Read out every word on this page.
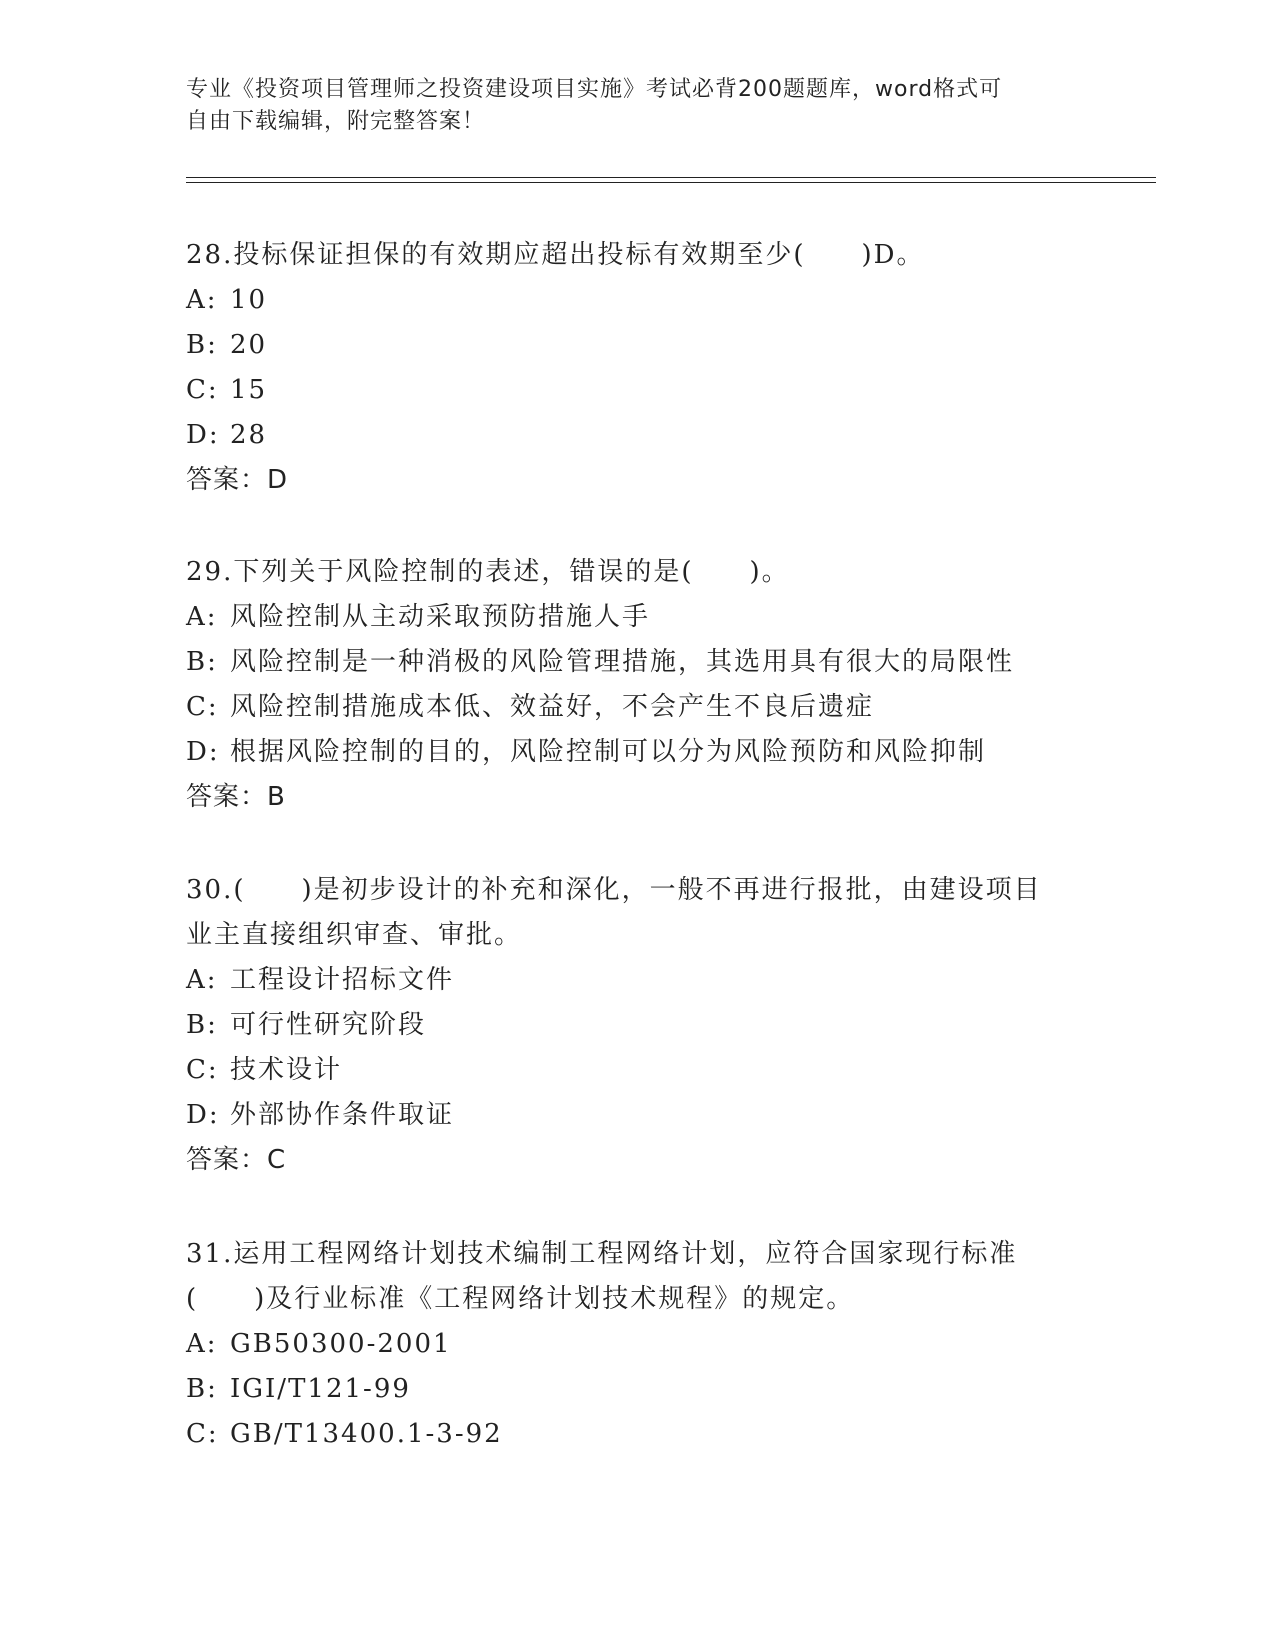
专业《投资项目管理师之投资建设项目实施》考试必背200题题库，word格式可

自由下载编辑，附完整答案！

28.投标保证担保的有效期应超出投标有效期至少(　　)D。

A: 10

B: 20

C: 15

D: 28

答案：D

29.下列关于风险控制的表述，错误的是(　　)。

A: 风险控制从主动采取预防措施人手

B: 风险控制是一种消极的风险管理措施，其选用具有很大的局限性

C: 风险控制措施成本低、效益好，不会产生不良后遗症

D: 根据风险控制的目的，风险控制可以分为风险预防和风险抑制

答案：B

30.(　　)是初步设计的补充和深化，一般不再进行报批，由建设项目业主直接组织审查、审批。

A: 工程设计招标文件

B: 可行性研究阶段

C: 技术设计

D: 外部协作条件取证

答案：C

31.运用工程网络计划技术编制工程网络计划，应符合国家现行标准(　　)及行业标准《工程网络计划技术规程》的规定。

A: GB50300-2001

B: IGI/T121-99

C: GB/T13400.1-3-92
